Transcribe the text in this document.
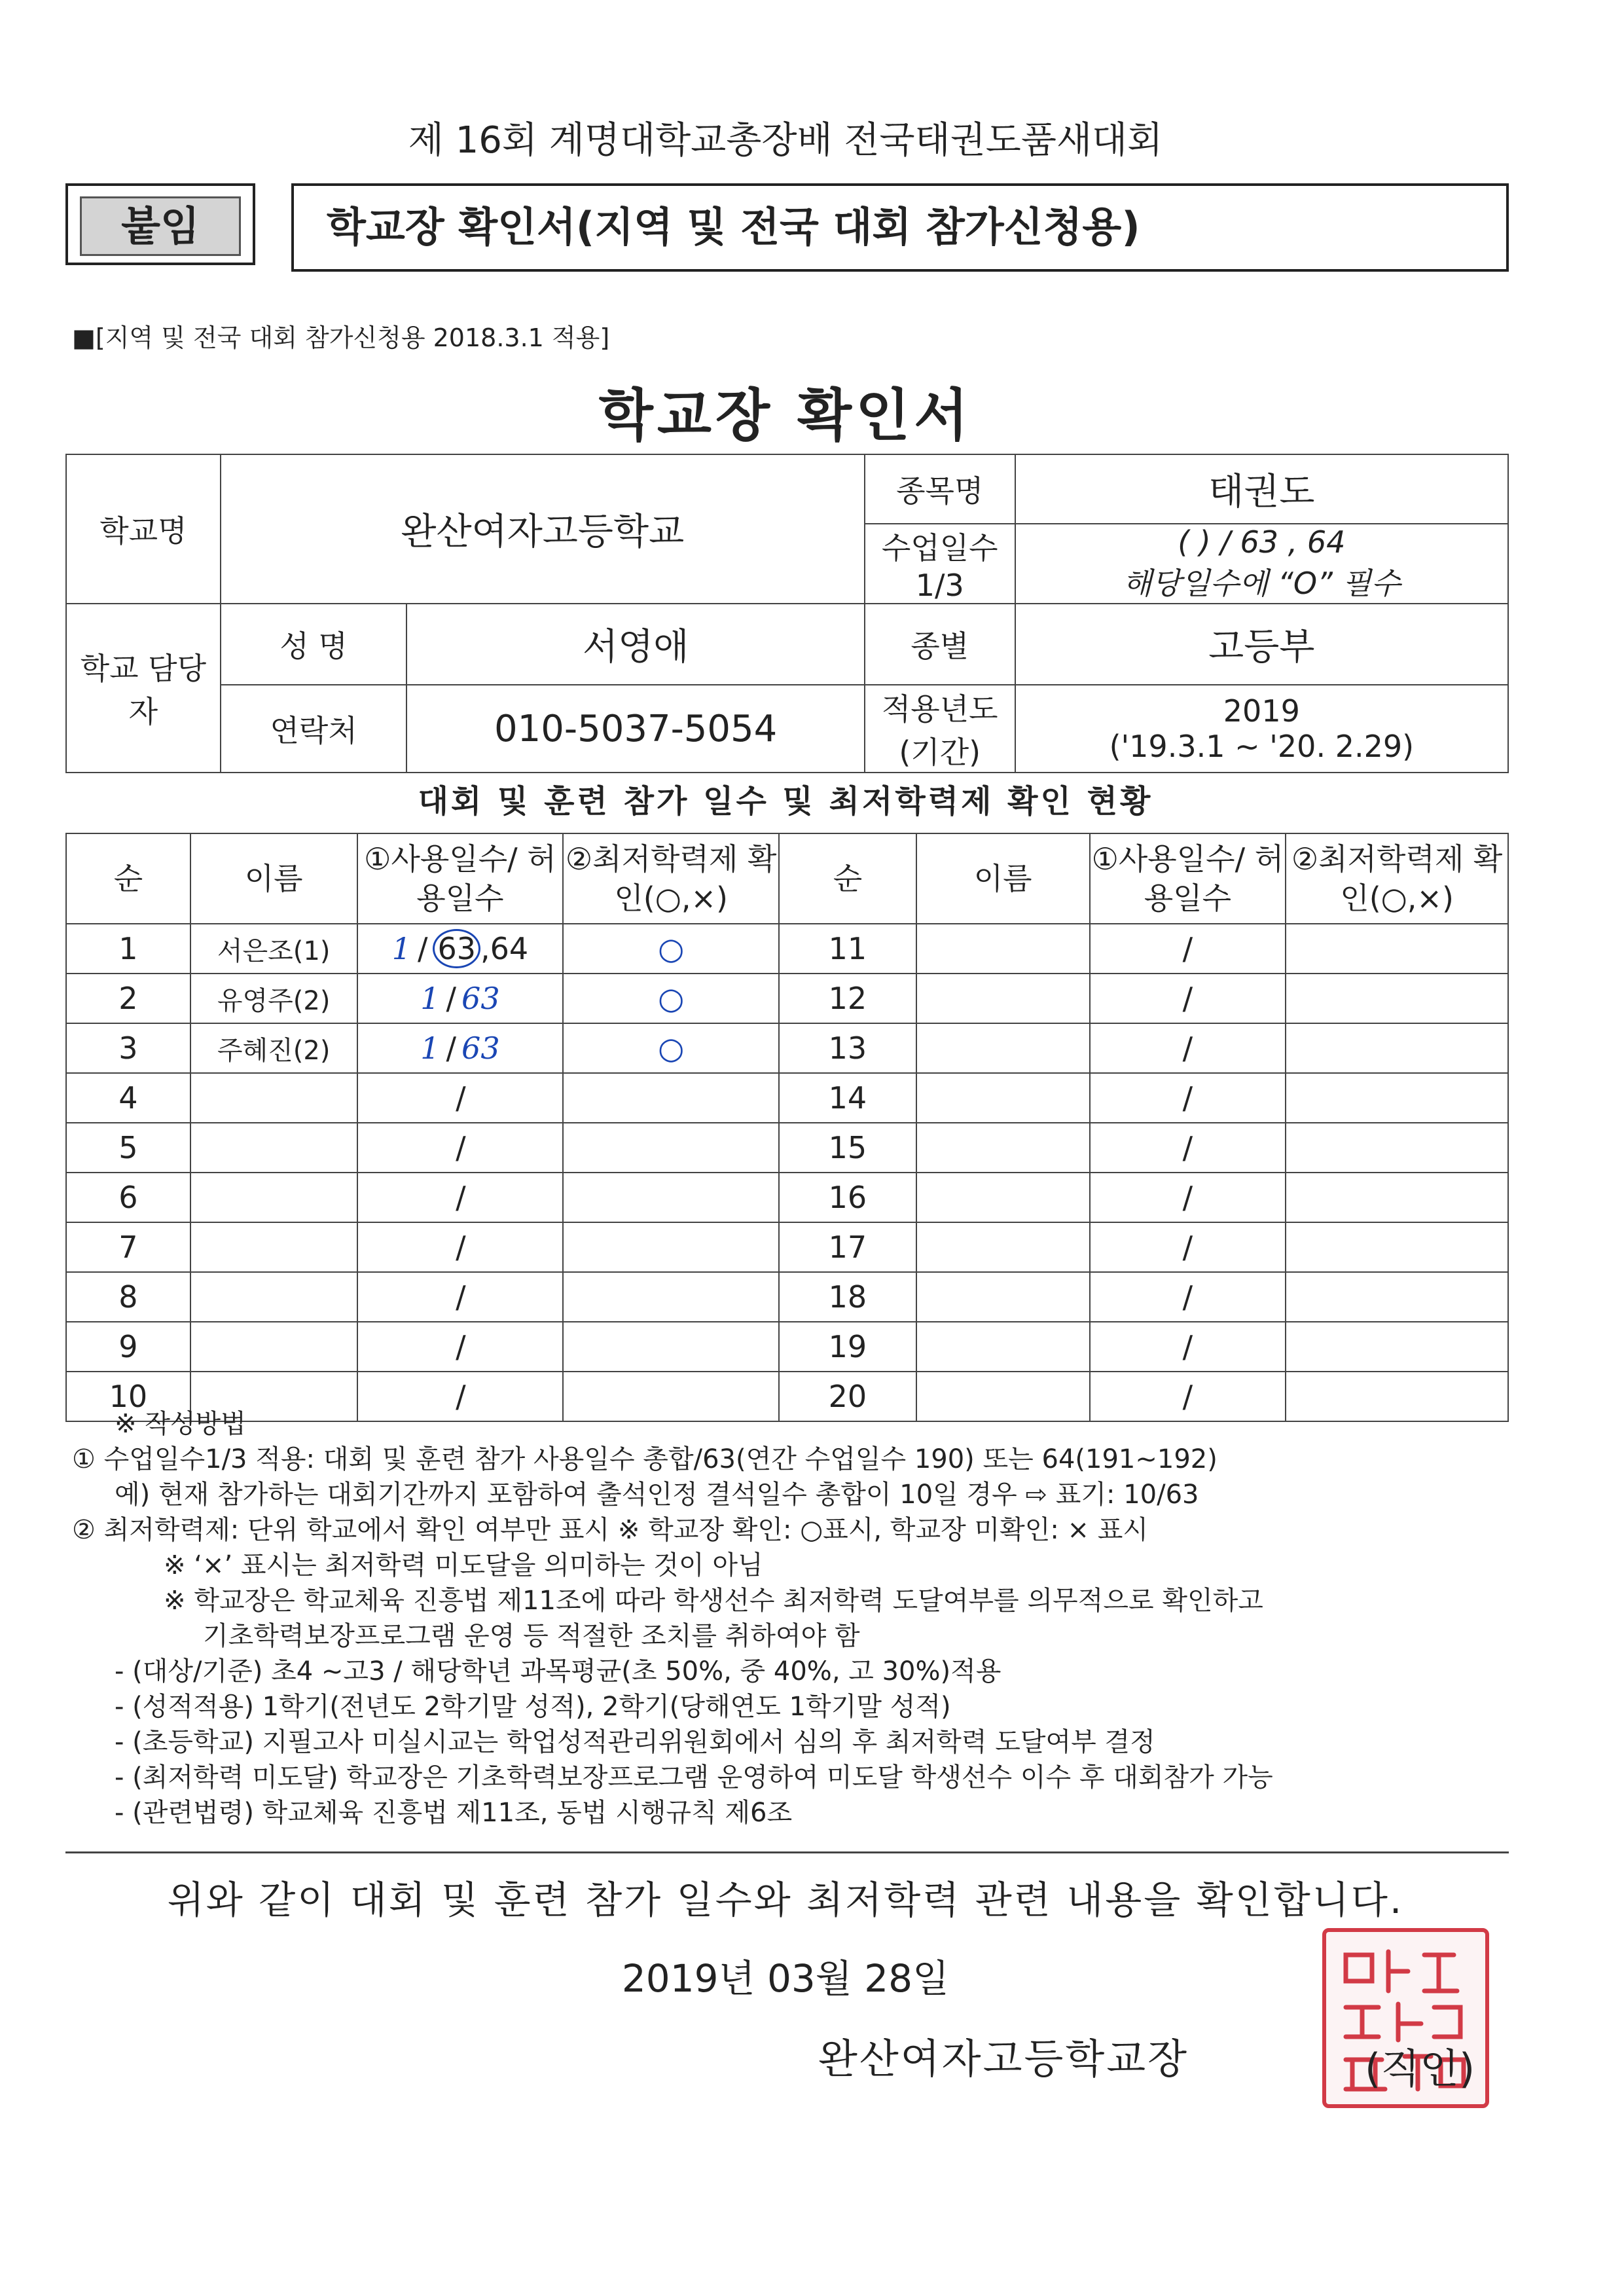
제 16회 계명대학교총장배 전국태권도품새대회
붙임	학교장 확인서(지역 및 전국 대회 참가신청용)
■[지역 및 전국 대회 참가신청용 2018.3.1 적용]
학교장 확인서
학교명	완산여자고등학교		종목명	태권도
			수업일수 1/3	( ) / 63 , 64
해당일수에 “O” 필수

학교 담당자	성 명	서영애	종별	고등부
	연락처	010-5037-5054	적용년도 (기간)	2019
('19.3.1 ~ '20. 2.29)
대회 및 훈련 참가 일수 및 최저학력제 확인 현황
순	이름	①사용일수/ 허용일수	②최저학력제 확인(○,×)	순	이름	①사용일수/ 허용일수	②최저학력제 확인(○,×)
1	서은조(1)	1 / 63 ,64	○	11		/	
2	유영주(2)	1 / 63	○	12		/	
3	주혜진(2)	1 / 63	○	13		/	
4		/		14		/	
5		/		15		/	
6		/		16		/	
7		/		17		/	
8		/		18		/	
9		/		19		/	
10		/		20		/	
※ 작성방법
① 수업일수1/3 적용: 대회 및 훈련 참가 사용일수 총합/63(연간 수업일수 190) 또는 64(191~192)
예) 현재 참가하는 대회기간까지 포함하여 출석인정 결석일수 총합이 10일 경우 ⇨ 표기: 10/63
② 최저학력제: 단위 학교에서 확인 여부만 표시 ※ 학교장 확인: ○표시, 학교장 미확인: × 표시
※ ‘×’ 표시는 최저학력 미도달을 의미하는 것이 아님
※ 학교장은 학교체육 진흥법 제11조에 따라 학생선수 최저학력 도달여부를 의무적으로 확인하고
기초학력보장프로그램 운영 등 적절한 조치를 취하여야 함
- (대상/기준) 초4 ~고3 / 해당학년 과목평균(초 50%, 중 40%, 고 30%)적용
- (성적적용) 1학기(전년도 2학기말 성적), 2학기(당해연도 1학기말 성적)
- (초등학교) 지필고사 미실시교는 학업성적관리위원회에서 심의 후 최저학력 도달여부 결정
- (최저학력 미도달) 학교장은 기초학력보장프로그램 운영하여 미도달 학생선수 이수 후 대회참가 가능
- (관련법령) 학교체육 진흥법 제11조, 동법 시행규칙 제6조
위와 같이 대회 및 훈련 참가 일수와 최저학력 관련 내용을 확인합니다.
2019년 03월 28일
완산여자고등학교장	(직인)
